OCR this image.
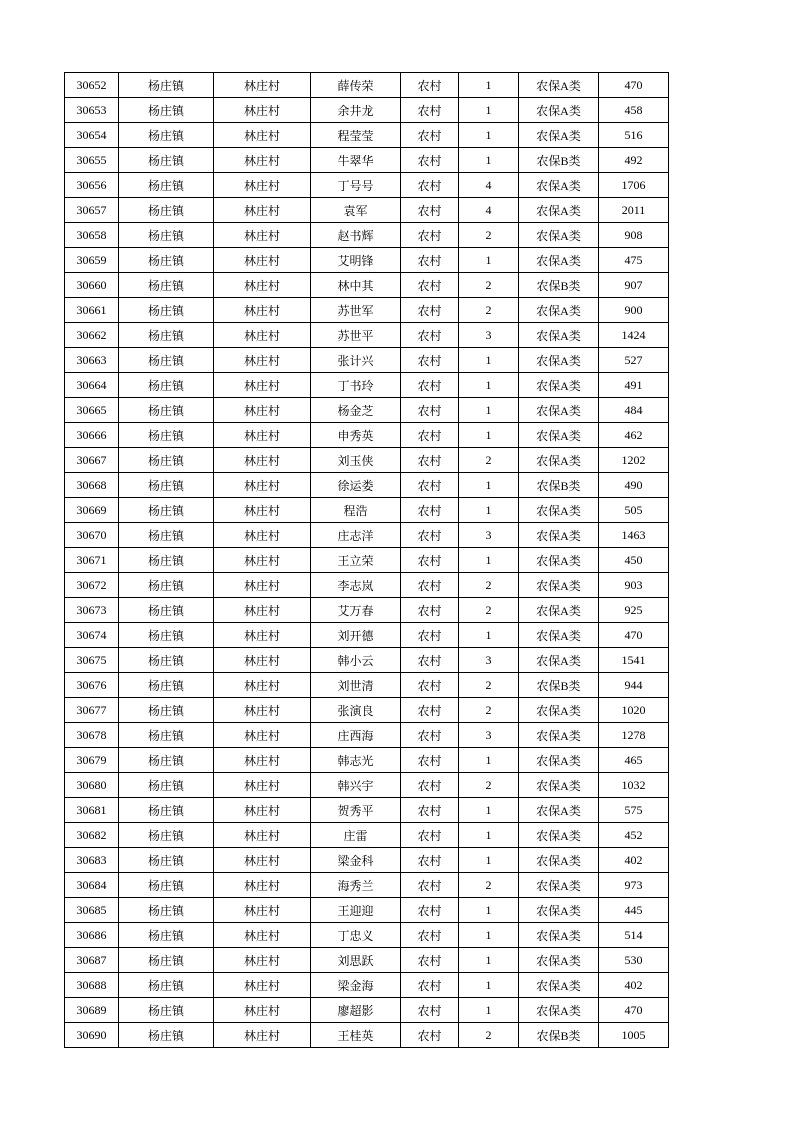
30652	杨庄镇	林庄村	薛传荣	农村	1	农保A类	470
30653	杨庄镇	林庄村	余井龙	农村	1	农保A类	458
30654	杨庄镇	林庄村	程莹莹	农村	1	农保A类	516
30655	杨庄镇	林庄村	牛翠华	农村	1	农保B类	492
30656	杨庄镇	林庄村	丁号号	农村	4	农保A类	1706
30657	杨庄镇	林庄村	袁军	农村	4	农保A类	2011
30658	杨庄镇	林庄村	赵书辉	农村	2	农保A类	908
30659	杨庄镇	林庄村	艾明锋	农村	1	农保A类	475
30660	杨庄镇	林庄村	林中其	农村	2	农保B类	907
30661	杨庄镇	林庄村	苏世军	农村	2	农保A类	900
30662	杨庄镇	林庄村	苏世平	农村	3	农保A类	1424
30663	杨庄镇	林庄村	张计兴	农村	1	农保A类	527
30664	杨庄镇	林庄村	丁书玲	农村	1	农保A类	491
30665	杨庄镇	林庄村	杨金芝	农村	1	农保A类	484
30666	杨庄镇	林庄村	申秀英	农村	1	农保A类	462
30667	杨庄镇	林庄村	刘玉侠	农村	2	农保A类	1202
30668	杨庄镇	林庄村	徐运娄	农村	1	农保B类	490
30669	杨庄镇	林庄村	程浩	农村	1	农保A类	505
30670	杨庄镇	林庄村	庄志洋	农村	3	农保A类	1463
30671	杨庄镇	林庄村	王立荣	农村	1	农保A类	450
30672	杨庄镇	林庄村	李志岚	农村	2	农保A类	903
30673	杨庄镇	林庄村	艾万春	农村	2	农保A类	925
30674	杨庄镇	林庄村	刘开德	农村	1	农保A类	470
30675	杨庄镇	林庄村	韩小云	农村	3	农保A类	1541
30676	杨庄镇	林庄村	刘世清	农村	2	农保B类	944
30677	杨庄镇	林庄村	张演良	农村	2	农保A类	1020
30678	杨庄镇	林庄村	庄西海	农村	3	农保A类	1278
30679	杨庄镇	林庄村	韩志光	农村	1	农保A类	465
30680	杨庄镇	林庄村	韩兴宇	农村	2	农保A类	1032
30681	杨庄镇	林庄村	贺秀平	农村	1	农保A类	575
30682	杨庄镇	林庄村	庄雷	农村	1	农保A类	452
30683	杨庄镇	林庄村	梁金科	农村	1	农保A类	402
30684	杨庄镇	林庄村	海秀兰	农村	2	农保A类	973
30685	杨庄镇	林庄村	王迎迎	农村	1	农保A类	445
30686	杨庄镇	林庄村	丁忠义	农村	1	农保A类	514
30687	杨庄镇	林庄村	刘思跃	农村	1	农保A类	530
30688	杨庄镇	林庄村	梁金海	农村	1	农保A类	402
30689	杨庄镇	林庄村	廖超影	农村	1	农保A类	470
30690	杨庄镇	林庄村	王桂英	农村	2	农保B类	1005
